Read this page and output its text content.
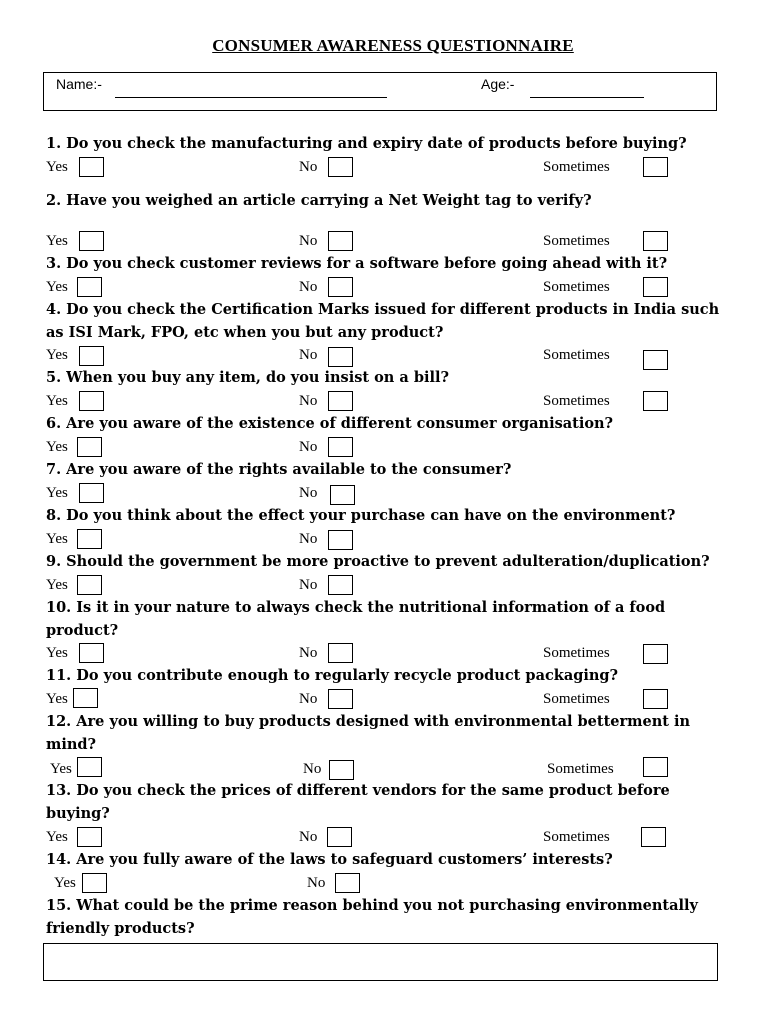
CONSUMER AWARENESS QUESTIONNAIRE
Name:-	Age:-
1. Do you check the manufacturing and expiry date of products before buying?
Yes	No	Sometimes
2. Have you weighed an article carrying a Net Weight tag to verify?
Yes	No	Sometimes
3. Do you check customer reviews for a software before going ahead with it?
Yes	No	Sometimes
4. Do you check the Certification Marks issued for different products in India such
as ISI Mark, FPO, etc when you but any product?
Yes	No	Sometimes
5. When you buy any item, do you insist on a bill?
Yes	No	Sometimes
6. Are you aware of the existence of different consumer organisation?
Yes	No
7. Are you aware of the rights available to the consumer?
Yes	No
8. Do you think about the effect your purchase can have on the environment?
Yes	No
9. Should the government be more proactive to prevent adulteration/duplication?
Yes	No
10. Is it in your nature to always check the nutritional information of a food
product?
Yes	No	Sometimes
11. Do you contribute enough to regularly recycle product packaging?
Yes	No	Sometimes
12. Are you willing to buy products designed with environmental betterment in
mind?
Yes	No	Sometimes
13. Do you check the prices of different vendors for the same product before
buying?
Yes	No	Sometimes
14. Are you fully aware of the laws to safeguard customers’ interests?
Yes	No
15. What could be the prime reason behind you not purchasing environmentally
friendly products?
